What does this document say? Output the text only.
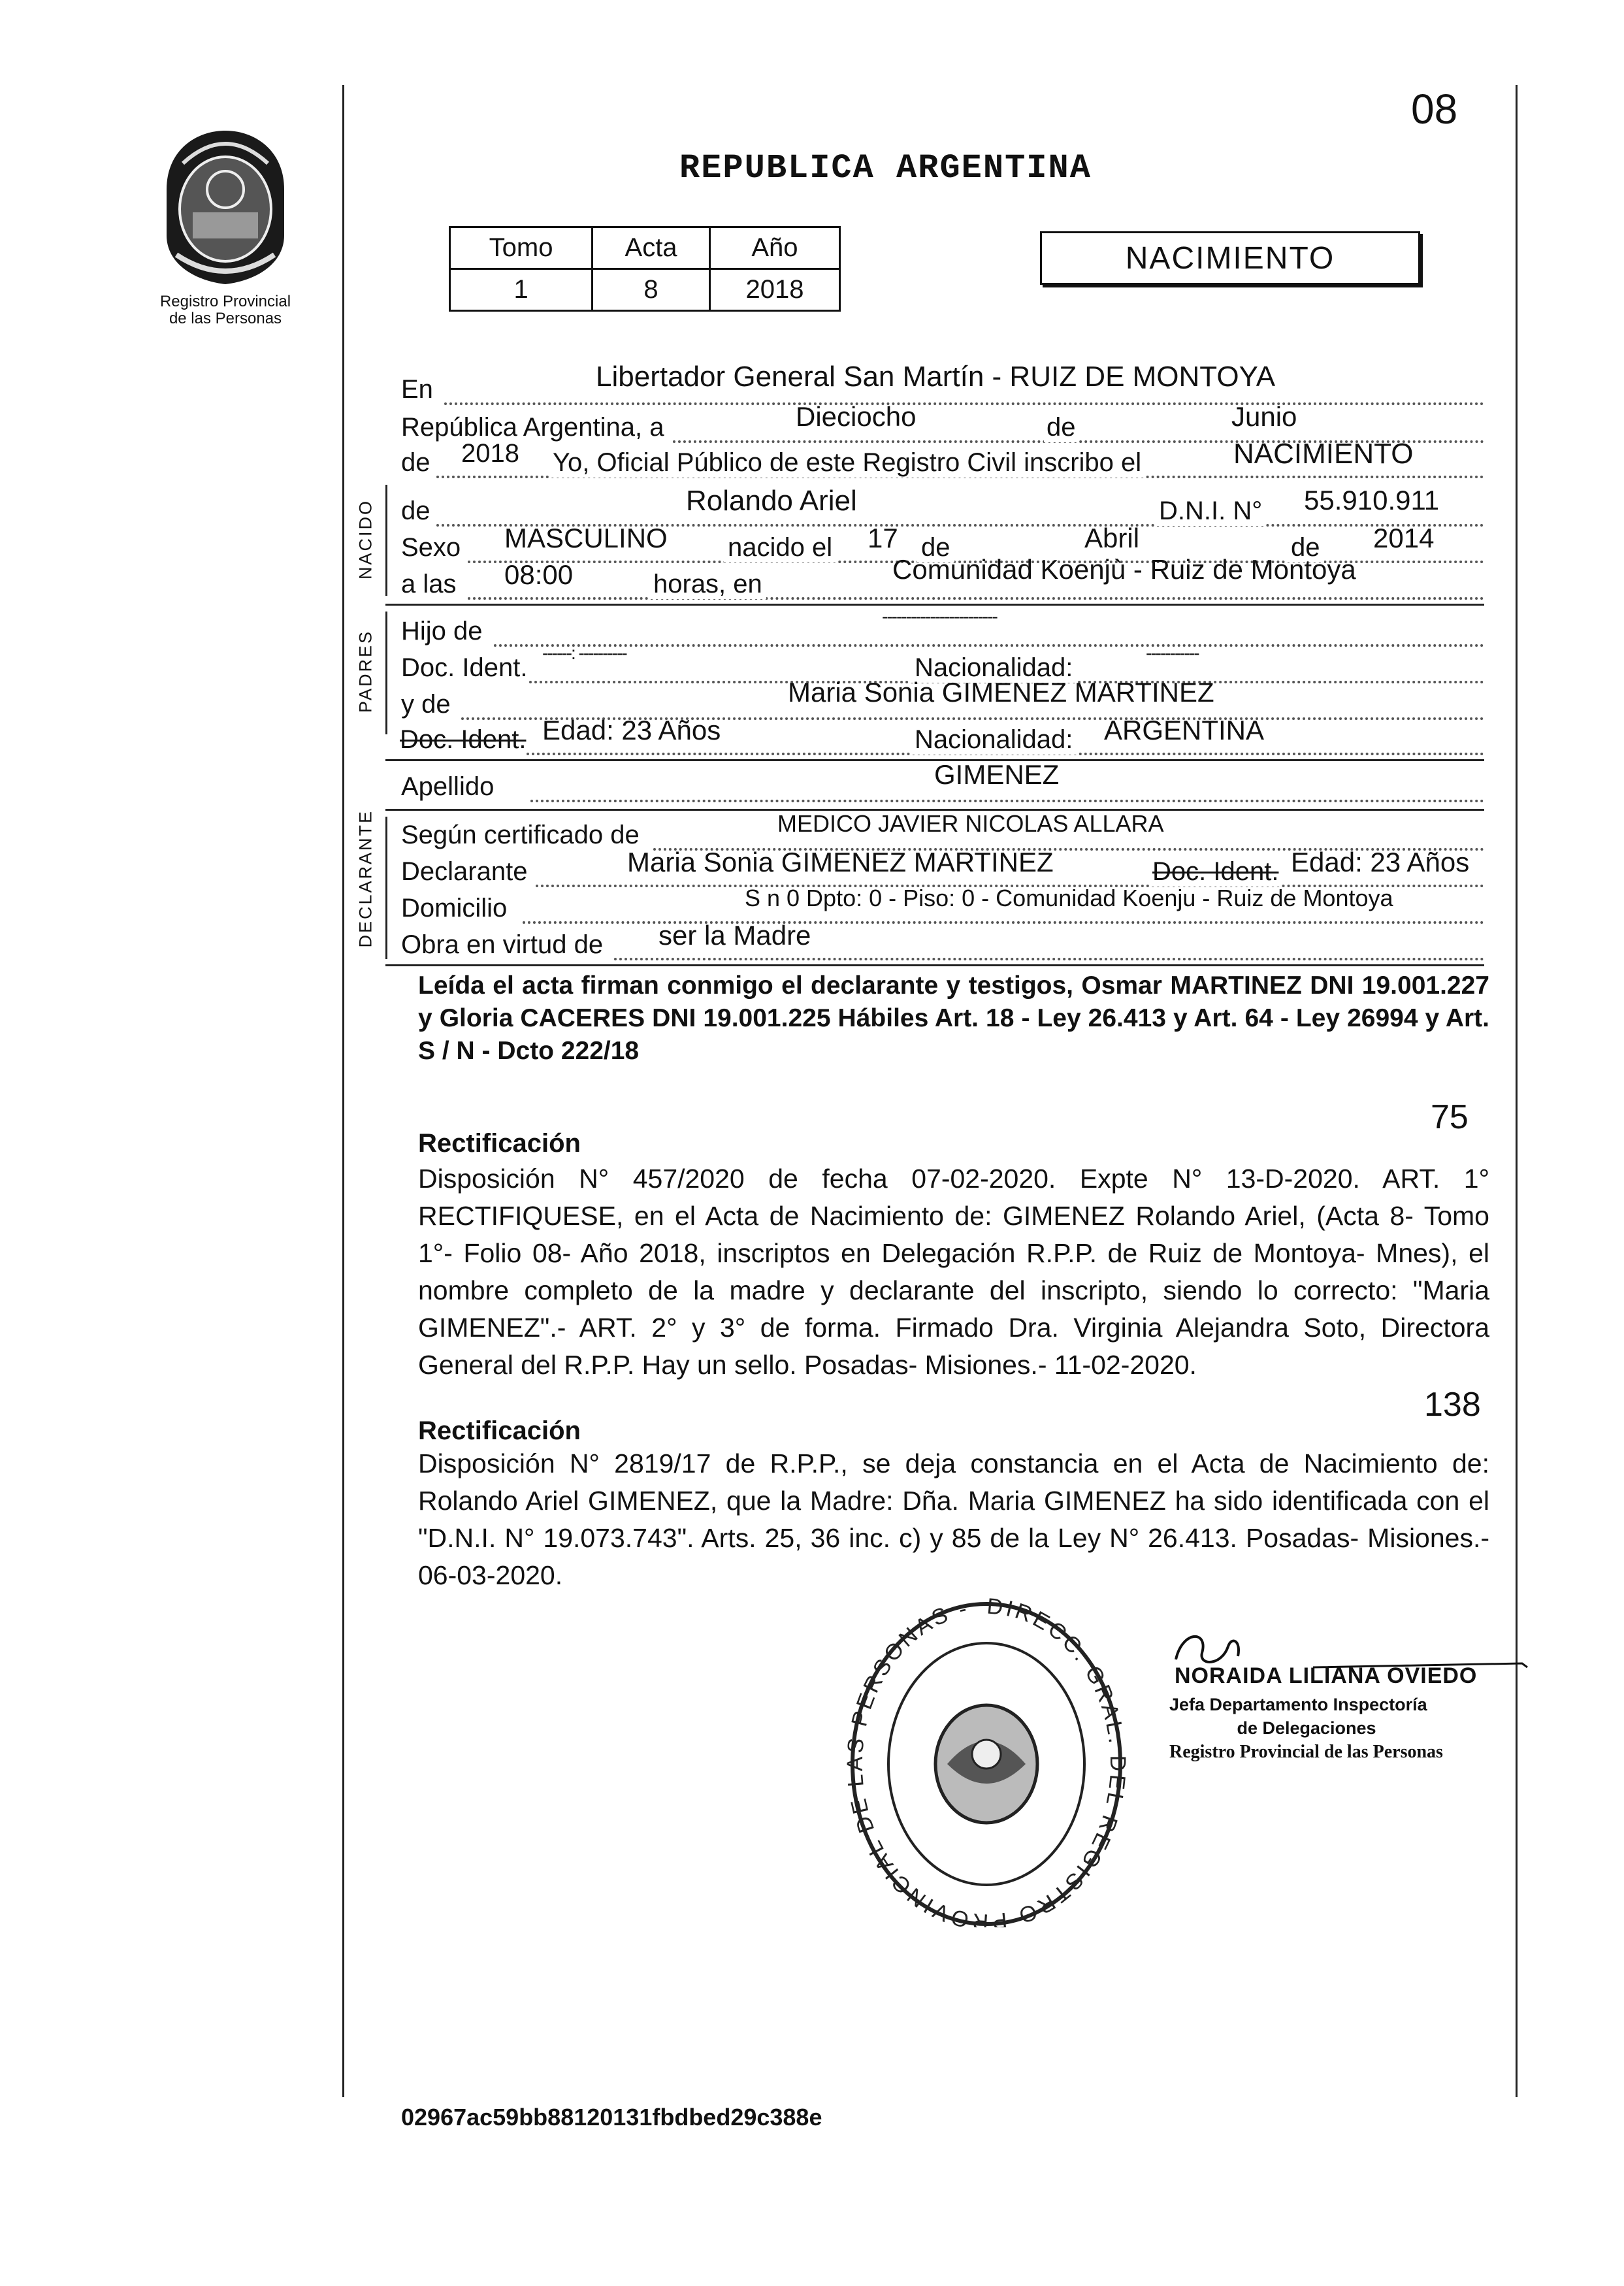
08
Registro Provincial
de las Personas
REPUBLICA ARGENTINA
Tomo	Acta	Año
1	8	2018
NACIMIENTO
NACIDO
PADRES
DECLARANTE
En	Libertador General San Martín - RUIZ DE MONTOYA
República Argentina, a	Dieciocho	de	Junio
de 2018 Yo, Oficial Público de este Registro Civil inscribo el	NACIMIENTO
de	Rolando Ariel	D.N.I. N° 55.910.911
Sexo MASCULINO nacido el 17 de	Abril	de 2014
a las 08:00	horas, en	Comunidad Koenjù - Ruiz de Montoya
Hijo de
------------------------
Doc. Ident.
------: ----------
Nacionalidad:
-----------
y de	Maria Sonia GIMENEZ MARTINEZ
Doc. Ident. Edad: 23 Años	Nacionalidad: ARGENTINA
Apellido	GIMENEZ
Según certificado de	MEDICO JAVIER NICOLAS ALLARA
Declarante	Maria Sonia GIMENEZ MARTINEZ	Doc. Ident. Edad: 23 Años
Domicilio	S n 0 Dpto: 0 - Piso: 0 - Comunidad Koenju - Ruiz de Montoya
Obra en virtud de ser la Madre
Leída el acta firman conmigo el declarante y testigos, Osmar MARTINEZ DNI 19.001.227 y Gloria CACERES DNI 19.001.225 Hábiles Art. 18 - Ley 26.413 y Art. 64 - Ley 26994 y Art. S / N - Dcto 222/18
75
Rectificación
Disposición N° 457/2020 de fecha 07-02-2020. Expte N° 13-D-2020. ART. 1° RECTIFIQUESE, en el Acta de Nacimiento de: GIMENEZ Rolando Ariel, (Acta 8- Tomo 1°- Folio 08- Año 2018, inscriptos en Delegación R.P.P. de Ruiz de Montoya- Mnes), el nombre completo de la madre y declarante del inscripto, siendo lo correcto: "Maria GIMENEZ".- ART. 2° y 3° de forma. Firmado Dra. Virginia Alejandra Soto, Directora General del R.P.P. Hay un sello. Posadas- Misiones.- 11-02-2020.
138
Rectificación
Disposición N° 2819/17 de R.P.P., se deja constancia en el Acta de Nacimiento de: Rolando Ariel GIMENEZ, que la Madre: Dña. Maria GIMENEZ ha sido identificada con el "D.N.I. N° 19.073.743". Arts. 25, 36 inc. c) y 85 de la Ley N° 26.413. Posadas- Misiones.- 06-03-2020.
DIRECC. GRAL. DEL REGISTRO PROVINCIAL DE LAS PERSONAS -
NORAIDA LILIANA OVIEDO
Jefa Departamento Inspectoría
de Delegaciones
Registro Provincial de las Personas
02967ac59bb88120131fbdbed29c388e
